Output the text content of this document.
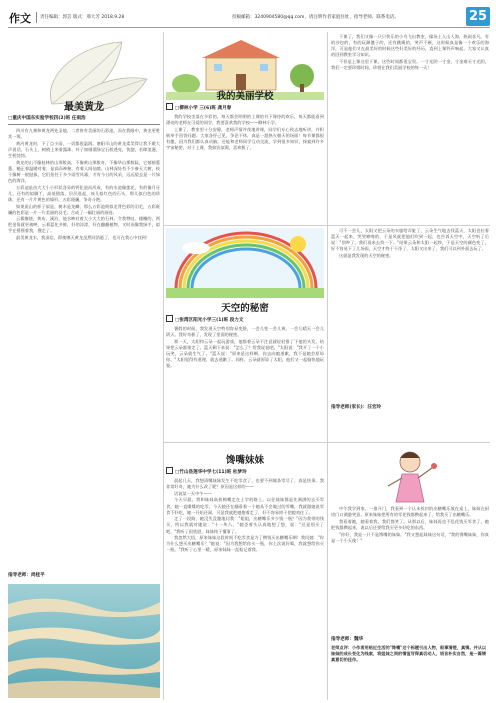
作文 责任编辑：郭芸 版式：邢大芳 2018.9.28	投稿邮箱：3240904580@qq.com，请注明作者家庭住址、指导老师、联系电话。	25
最美黄龙
□重庆中国东实验学校四(2)班 任雨浩

四川有九寨和黄龙两处圣地，二者皆有美丽的石彩池。而在我眼中，黄龙更胜其一筹。

黄河黄龙时，下了点小雨，一切都很温润。塞阳半山的黄龙柔美得让我不敢大声说话，石头上，树梢上来着露珠，叶子如细翡绿宝石般透亮，恍惚，若肆浪漫，生机勃勃。

黄龙的山不像桂林的山那般高，不像黄山那般奇，不像华山那般险，它郁郁葱葱，糙正着温暖对着，是高而神秘，有着人间仙境。山林深处有不少参天大树，枝干像树一般挺拔，它们抬任于多少雨雪风霜，才有今日的风采，远远望去是一片绿色的海洋。

五彩池是由大大小小形状各异的钙化池而形成，有的水池像莲花，有的像月牙儿，还有的似脚丫，高低错落，层层选起，该儿似红色的石头，那儿似白色的珍珠，还有一片片黄色的墙形，五彩斑斓，争奇斗艳。

如果说山的样子似是，树木是龙鳞，那么五彩池则似龙背色彩的羽毛，五彩斑斓的色彩是一片一片美丽的羽毛，合成了一幅壮丽的画卷。

云雾缭绕，黄布，溪泊，他水映衬着大小大大的石林，令我赞叹。楼榭的，两把金角就更被映，云着蓝化多鲜，好的涂漆，好在翻翻植物，又时而像我绿手，似乎在摇摇着我，搜走了。

最美黄龙水，我深信，即使哪天黄龙虽然同消逝了，也可在我心中找到！

指导老师：尚桂平
我的美丽学校
□柳林小学 三(6)班 龚月春

我的学校坐落在多彩的，每天都会明明的上课的书下课待的欢乐，每天都能看到漂亮的老师在可爱的同学，我要喜欢我的学校——柳林小学。

上课了，教室里十分安静，老师声情并茂地讲课，同学们专心致志地听讲，并积极举手回答问题。大家各抒己见，争论不休，真是一派热火朝天的场面！每节课都很有趣，因为我们都认真动脑。还能和老师同学互动交流，学到很多知识，探索到许多宇宙秘密，对于上课，我如饥似渴，喜欢极了。

下课了，我们又像一只只快乐的小鸟飞出教室，操场上人山人海，热闹非凡。有的沙包的，有的玩踢毽子的，还有跳绳的，笑声不断，这时候真是像一个欢乐的海洋，可是他们又在最美好的时候这些好美好的经历，直到上课铃声响起，大家又认真的回到教室学习知识。

不但是上课这里下课，这些时间都很宝贵。一寸光阴一寸金，寸金难买寸光阴，我们一定要珍惜时间，珍惜在我们美丽学校的每一天！

天空的秘密
□张湾区阳光小学三(1)班 段力文

暑假的时候，我发现天空特别容易变脸，一会儿变一会儿黄，一会儿晴天一会儿阴天。我好奇极了，发现了里面的秘密。

那一天，太阳和云朵一起玩游戏，他都着云朵不注意就轻轻推了下他的头发，结果把云朵都推走了，蓝天剩下来说："怎么了？给我说说吧。"太阳说："我开了一个小玩笑，云朵就生气了。"蓝天说："原来是这样啊，你去向她道歉，我不是她会原谅你。"太阳觉得有道理，就去道歉了。同样，云朵就原谅了太阳，他们又一起愉快地玩耍。

可不一会儿，太阳又把云朵的衣服给弄脏了，云朵生气地去找蓝天，太阳也拉着蓝天一起来，哭哭啼啼的，于是风就把他们吹到一起，也告诉天空中，天空听了后说："别吵了，我们再来去找一下。"结果云朵和太阳一起吵，于是天空的颜色变了，好不容易下了几场雨，天空才终于干净了，太阳又出来了，我们可以到外面去玩了。

这就是我发现的天空的秘密。

指导老师(家长)：汪宏玲
馋嘴妹妹
□竹山县莲华中学七(11)班 杜梦玲

晨起几天，我想清嘴妹妹发生不吃零食了，也要不到辣条零尽了，真是快事。我非常好奇，她为什么改了呢？原因是这样的——

话说某一天中午——

今天早晨，我和妹妹高着棉嘴走在上学的路上。以往妹妹都是先满满的去买零食，她一直喋喋的吃零，今天她还在翻看着一个她从不会做过的零嘴，我就跟她说零食不好吃，她一开始还闹，可是我就把她抱着走了，好不容易终于把她劝住了。

走了一段路，她没失没趣地问我："姐姐，出糖嘴乐多少钱一瓶？"因为我带的钱买，所以我就对她说："十一块八。"她歪着头认真地想了想，说："还是别买了吧。"我听了很欣慰，妹妹终于懂事了。

我忽然大悟，原来妹妹这段时间不吃零食是为了攒钱买出糖嘴乐啊！我问她："你为什么想买出糖嘴乐？"她说："因为我想给你买一瓶，你上次说好喝，我就想给你买一瓶。"我听了心里一暖，原来妹妹一直惦记着我。

中午我学到家，一推开门，我看到一个认未拆封的出糖嘴乐放在桌上，妹妹在厨房门口满脸笑意。原来妹妹把所有的零花钱都攒起来了，给我买了出糖嘴乐。

我看着她，她看着我，我们都笑了。从那以后，妹妹再也不乱花钱买零食了，她把钱都攒起来，说以后还要给我买更多好吃的东西。

"你好，我是一只不是馋嘴的妹妹。"我又想起妹妹这句话，"我的馋嘴妹妹，你真是一个小天使！"

指导老师：魏华
老师点评：小作者用贴近生活的"馋嘴"这个标题引出人物，叙事清楚，真情。并从以妹妹的成长变化为线索，将姐妹之间的情谊写得真切动人，语言朴实自然，是一篇情真意切的佳作。
